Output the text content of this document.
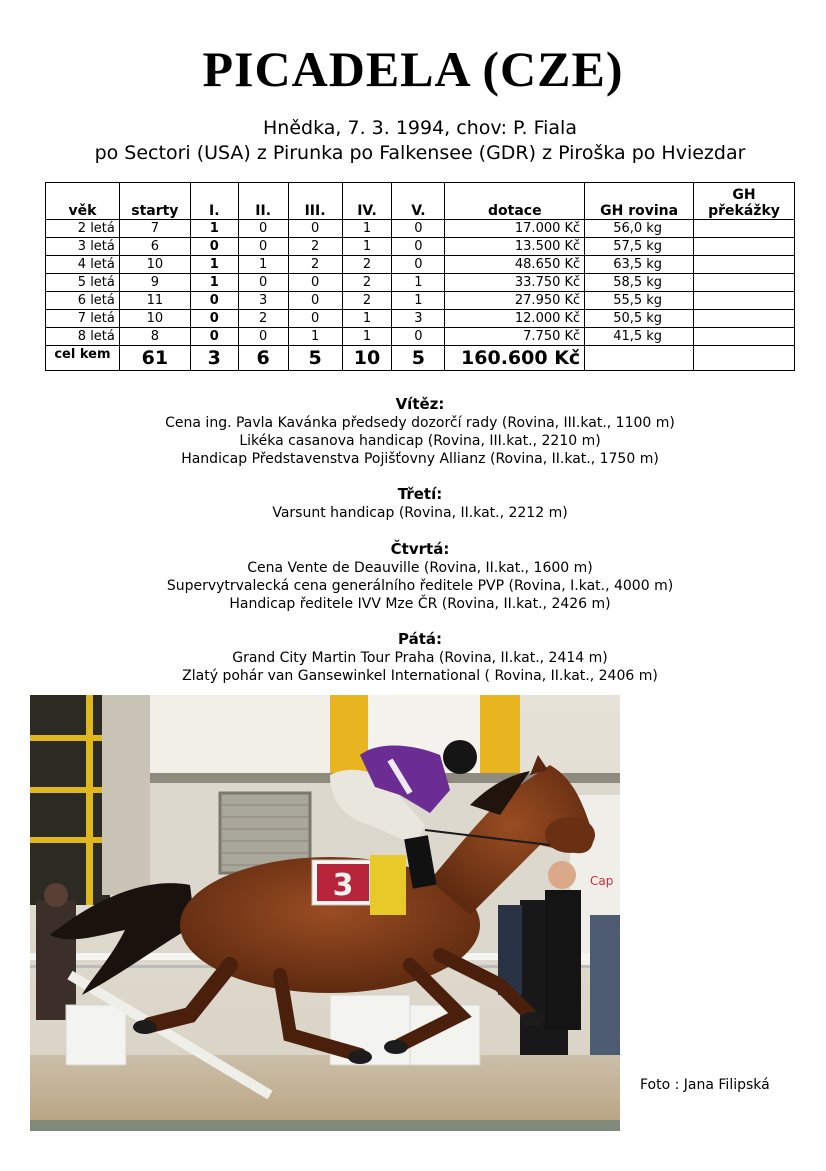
PICADELA (CZE)
Hnědka, 7. 3. 1994, chov: P. Fiala
po Sectori (USA) z Pirunka po Falkensee (GDR) z Piroška po Hviezdar
věk	starty	I.	II.	III.	IV.	V.	dotace	GH rovina	GH překážky
2 letá	7	1	0	0	1	0	17.000 Kč	56,0 kg	
3 letá	6	0	0	2	1	0	13.500 Kč	57,5 kg	
4 letá	10	1	1	2	2	0	48.650 Kč	63,5 kg	
5 letá	9	1	0	0	2	1	33.750 Kč	58,5 kg	
6 letá	11	0	3	0	2	1	27.950 Kč	55,5 kg	
7 letá	10	0	2	0	1	3	12.000 Kč	50,5 kg	
8 letá	8	0	0	1	1	0	7.750 Kč	41,5 kg	
cel kem	61	3	6	5	10	5	160.600 Kč		
Vítěz:
Cena ing. Pavla Kavánka předsedy dozorčí rady (Rovina, III.kat., 1100 m)
Likéka casanova handicap (Rovina, III.kat., 2210 m)
Handicap Představenstva Pojišťovny Allianz (Rovina, II.kat., 1750 m)
Třetí:
Varsunt handicap (Rovina, II.kat., 2212 m)
Čtvrtá:
Cena Vente de Deauville (Rovina, II.kat., 1600 m)
Supervytrvalecká cena generálního ředitele PVP (Rovina, I.kat., 4000 m)
Handicap ředitele IVV Mze ČR (Rovina, II.kat., 2426 m)
Pátá:
Grand City Martin Tour Praha (Rovina, II.kat., 2414 m)
Zlatý pohár van Gansewinkel International ( Rovina, II.kat., 2406 m)
Cap
3
Foto : Jana Filipská
